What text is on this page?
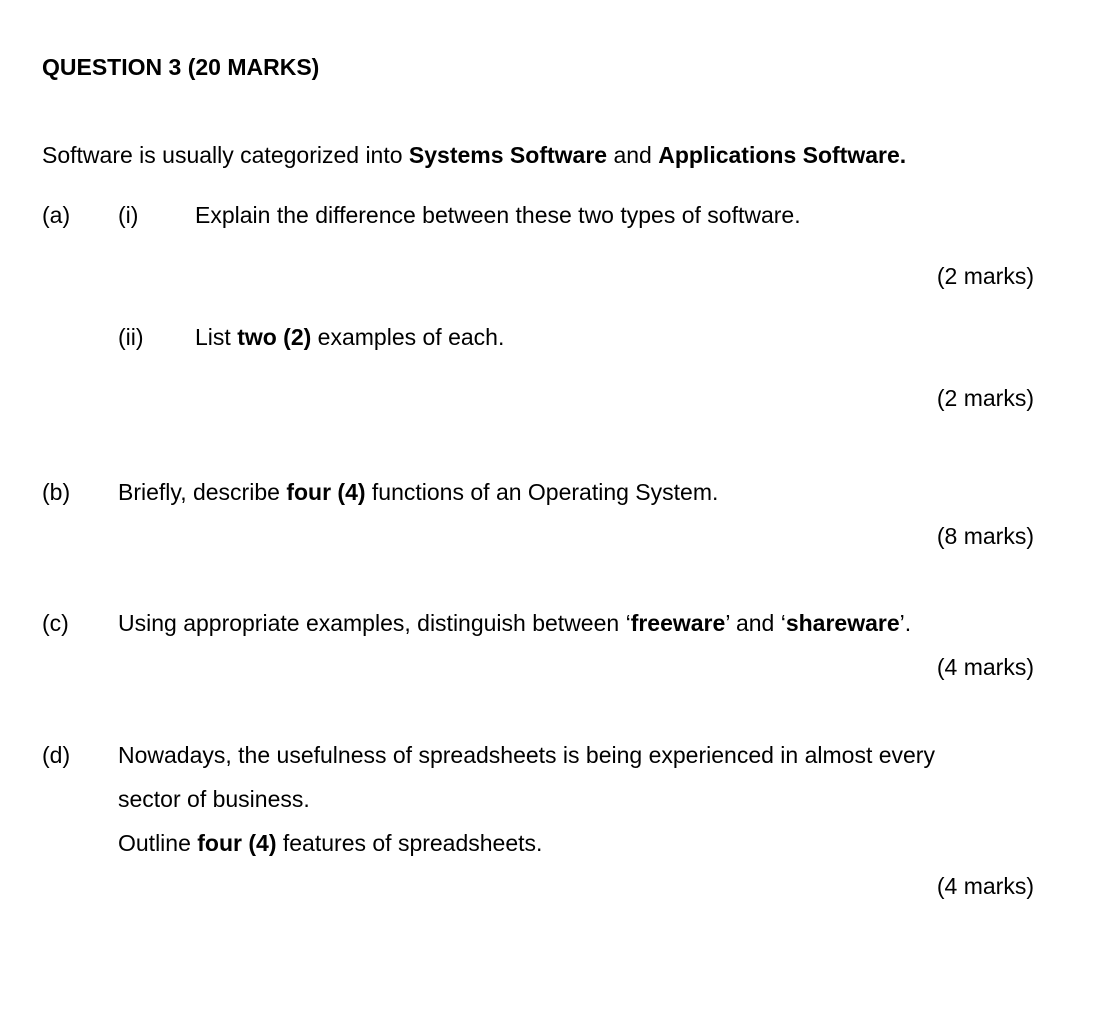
QUESTION 3 (20 MARKS)
Software is usually categorized into Systems Software and Applications Software.
(a) (i) Explain the difference between these two types of software.
(2 marks)
(ii) List two (2) examples of each.
(2 marks)
(b) Briefly, describe four (4) functions of an Operating System.
(8 marks)
(c) Using appropriate examples, distinguish between ‘freeware’ and ‘shareware’.
(4 marks)
(d) Nowadays, the usefulness of spreadsheets is being experienced in almost every
sector of business.
Outline four (4) features of spreadsheets.
(4 marks)
